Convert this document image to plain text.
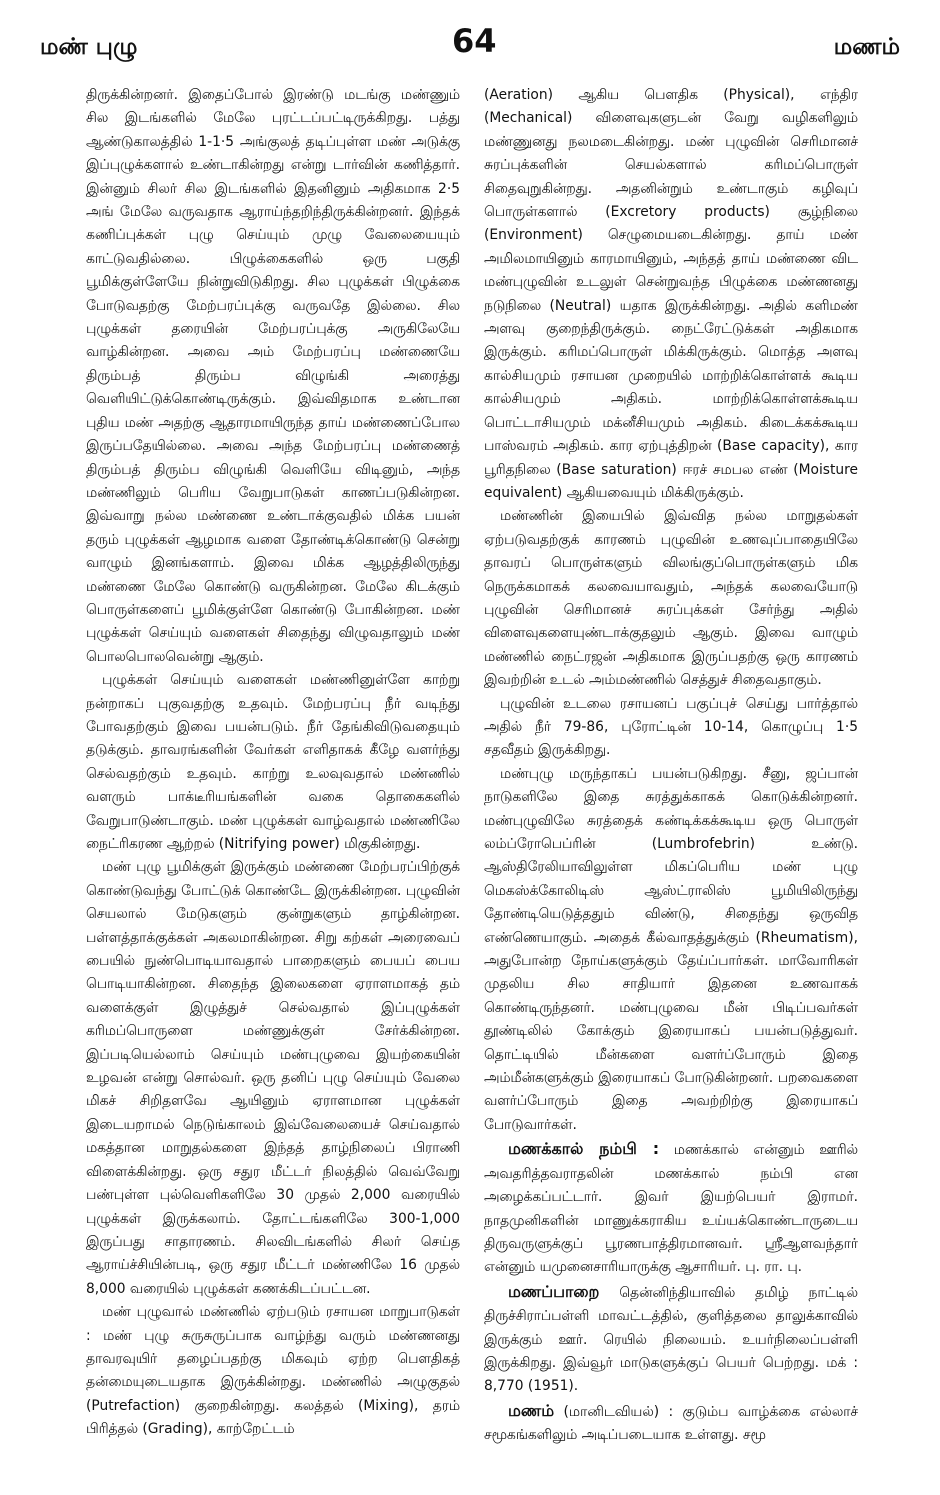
மண் புழு	64	மணம்

திருக்கின்றனர். இதைப்போல் இரண்டு மடங்கு மண்ணும் சில இடங்களில் மேலே புரட்டப்பட்டிருக்கிறது. பத்து ஆண்டுகாலத்தில் 1-1·5 அங்குலத் தடிப்புள்ள மண் அடுக்கு இப்புழுக்களால் உண்டாகின்றது என்று டார்வின் கணித்தார். இன்னும் சிலர் சில இடங்களில் இதனினும் அதிகமாக 2·5 அங் மேலே வருவதாக ஆராய்ந்தறிந்திருக்கின்றனர். இந்தக் கணிப்புக்கள் புழு செய்யும் முழு வேலையையும் காட்டுவதில்லை. பிழுக்கைகளில் ஒரு பகுதி பூமிக்குள்ளேயே நின்றுவிடுகிறது. சில புழுக்கள் பிழுக்கை போடுவதற்கு மேற்பரப்புக்கு வருவதே இல்லை. சில புழுக்கள் தரையின் மேற்பரப்புக்கு அருகிலேயே வாழ்கின்றன. அவை அம் மேற்பரப்பு மண்ணையே திரும்பத் திரும்ப விழுங்கி அரைத்து வெளியிட்டுக்கொண்டிருக்கும். இவ்விதமாக உண்டான புதிய மண் அதற்கு ஆதாரமாயிருந்த தாய் மண்ணைப்போல இருப்பதேயில்லை. அவை அந்த மேற்பரப்பு மண்ணைத் திரும்பத் திரும்ப விழுங்கி வெளியே விடினும், அந்த மண்ணிலும் பெரிய வேறுபாடுகள் காணப்படுகின்றன. இவ்வாறு நல்ல மண்ணை உண்டாக்குவதில் மிக்க பயன் தரும் புழுக்கள் ஆழமாக வளை தோண்டிக்கொண்டு சென்று வாழும் இனங்களாம். இவை மிக்க ஆழத்திலிருந்து மண்ணை மேலே கொண்டு வருகின்றன. மேலே கிடக்கும் பொருள்களைப் பூமிக்குள்ளே கொண்டு போகின்றன. மண் புழுக்கள் செய்யும் வளைகள் சிதைந்து விழுவதாலும் மண் பொலபொலவென்று ஆகும்.

புழுக்கள் செய்யும் வளைகள் மண்ணினுள்ளே காற்று நன்றாகப் புகுவதற்கு உதவும். மேற்பரப்பு நீர் வடிந்து போவதற்கும் இவை பயன்படும். நீர் தேங்கிவிடுவதையும் தடுக்கும். தாவரங்களின் வேர்கள் எளிதாகக் கீழே வளர்ந்து செல்வதற்கும் உதவும். காற்று உலவுவதால் மண்ணில் வளரும் பாக்டீரியங்களின் வகை தொகைகளில் வேறுபாடுண்டாகும். மண் புழுக்கள் வாழ்வதால் மண்ணிலே நைட்ரிகரண ஆற்றல் (Nitrifying power) மிகுகின்றது.

மண் புழு பூமிக்குள் இருக்கும் மண்ணை மேற்பரப்பிற்குக் கொண்டுவந்து போட்டுக் கொண்டே இருக்கின்றன. புழுவின் செயலால் மேடுகளும் குன்றுகளும் தாழ்கின்றன. பள்ளத்தாக்குக்கள் அகலமாகின்றன. சிறு கற்கள் அரைவைப் பையில் நுண்பொடியாவதால் பாறைகளும் பையப் பைய பொடியாகின்றன. சிதைந்த இலைகளை ஏராளமாகத் தம் வளைக்குள் இழுத்துச் செல்வதால் இப்புழுக்கள் கரிமப்பொருளை மண்ணுக்குள் சேர்க்கின்றன. இப்படியெல்லாம் செய்யும் மண்புழுவை இயற்கையின் உழவன் என்று சொல்வர். ஒரு தனிப் புழு செய்யும் வேலை மிகச் சிறிதளவே ஆயினும் ஏராளமான புழுக்கள் இடையறாமல் நெடுங்காலம் இவ்வேலையைச் செய்வதால் மகத்தான மாறுதல்களை இந்தத் தாழ்நிலைப் பிராணி விளைக்கின்றது. ஒரு சதுர மீட்டர் நிலத்தில் வெவ்வேறு பண்புள்ள புல்வெளிகளிலே 30 முதல் 2,000 வரையில் புழுக்கள் இருக்கலாம். தோட்டங்களிலே 300-1,000 இருப்பது சாதாரணம். சிலவிடங்களில் சிலர் செய்த ஆராய்ச்சியின்படி, ஒரு சதுர மீட்டர் மண்ணிலே 16 முதல் 8,000 வரையில் புழுக்கள் கணக்கிடப்பட்டன.

மண் புழுவால் மண்ணில் ஏற்படும் ரசாயன மாறுபாடுகள் : மண் புழு சுருசுருப்பாக வாழ்ந்து வரும் மண்ணனது தாவரவுயிர் தழைப்பதற்கு மிகவும் ஏற்ற பௌதிகத் தன்மையுடையதாக இருக்கின்றது. மண்ணில் அழுகுதல் (Putrefaction) குறைகின்றது. கலத்தல் (Mixing), தரம் பிரித்தல் (Grading), காற்றேட்டம்

(Aeration) ஆகிய பௌதிக (Physical), எந்திர (Mechanical) விளைவுகளுடன் வேறு வழிகளிலும் மண்ணுனது நலமடைகின்றது. மண் புழுவின் செரிமானச் சுரப்புக்களின் செயல்களால் கரிமப்பொருள் சிதைவுறுகின்றது. அதனின்றும் உண்டாகும் கழிவுப் பொருள்களால் (Excretory products) சூழ்நிலை (Environment) செழுமையடைகின்றது. தாய் மண் அமிலமாயினும் காரமாயினும், அந்தத் தாய் மண்ணை விட மண்புழுவின் உடலுள் சென்றுவந்த பிழுக்கை மண்ணனது நடுநிலை (Neutral) யதாக இருக்கின்றது. அதில் களிமண் அளவு குறைந்திருக்கும். நைட்ரேட்டுக்கள் அதிகமாக இருக்கும். கரிமப்பொருள் மிக்கிருக்கும். மொத்த அளவு கால்சியமும் ரசாயன முறையில் மாற்றிக்கொள்ளக் கூடிய கால்சியமும் அதிகம். மாற்றிக்கொள்ளக்கூடிய பொட்டாசியமும் மக்னீசியமும் அதிகம். கிடைக்கக்கூடிய பாஸ்வரம் அதிகம். கார ஏற்புத்திறன் (Base capacity), கார பூரிதநிலை (Base saturation) ஈரச் சமபல எண் (Moisture equivalent) ஆகியவையும் மிக்கிருக்கும்.

மண்ணின் இயைபில் இவ்வித நல்ல மாறுதல்கள் ஏற்படுவதற்குக் காரணம் புழுவின் உணவுப்பாதையிலே தாவரப் பொருள்களும் விலங்குப்பொருள்களும் மிக நெருக்கமாகக் கலவையாவதும், அந்தக் கலவையோடு புழுவின் செரிமானச் சுரப்புக்கள் சேர்ந்து அதில் விளைவுகளையுண்டாக்குதலும் ஆகும். இவை வாழும் மண்ணில் நைட்ரஜன் அதிகமாக இருப்பதற்கு ஒரு காரணம் இவற்றின் உடல் அம்மண்ணில் செத்துச் சிதைவதாகும்.

புழுவின் உடலை ரசாயனப் பகுப்புச் செய்து பார்த்தால் அதில் நீர் 79-86, புரோட்டின் 10-14, கொழுப்பு 1·5 சதவீதம் இருக்கிறது.

மண்புழு மருந்தாகப் பயன்படுகிறது. சீனு, ஜப்பான் நாடுகளிலே இதை சுரத்துக்காகக் கொடுக்கின்றனர். மண்புழுவிலே சுரத்தைக் கண்டிக்கக்கூடிய ஒரு பொருள் லம்ப்ரோபெப்ரின் (Lumbrofebrin) உண்டு. ஆஸ்திரேலியாவிலுள்ள மிகப்பெரிய மண் புழு மெகஸ்க்கோலிடிஸ் ஆஸ்ட்ராலிஸ் பூமியிலிருந்து தோண்டியெடுத்ததும் விண்டு, சிதைந்து ஒருவித எண்ணெயாகும். அதைக் கீல்வாதத்துக்கும் (Rheumatism), அதுபோன்ற நோய்களுக்கும் தேய்ப்பார்கள். மாவோரிகள் முதலிய சில சாதியார் இதனை உணவாகக் கொண்டிருந்தனர். மண்புழுவை மீன் பிடிப்பவர்கள் தூண்டிலில் கோக்கும் இரையாகப் பயன்படுத்துவர். தொட்டியில் மீன்களை வளர்ப்போரும் இதை அம்மீன்களுக்கும் இரையாகப் போடுகின்றனர். பறவைகளை வளர்ப்போரும் இதை அவற்றிற்கு இரையாகப் போடுவார்கள்.

மணக்கால் நம்பி : மணக்கால் என்னும் ஊரில் அவதரித்தவராதலின் மணக்கால் நம்பி என அழைக்கப்பட்டார். இவர் இயற்பெயர் இராமர். நாதமுனிகளின் மாணுக்கராகிய உய்யக்கொண்டாருடைய திருவருளுக்குப் பூரணபாத்திரமானவர். ஸ்ரீஆளவந்தார் என்னும் யமுனைசாரியாருக்கு ஆசாரியர். பு. ரா. பு.

மணப்பாறை தென்னிந்தியாவில் தமிழ் நாட்டில் திருச்சிராப்பள்ளி மாவட்டத்தில், குளித்தலை தாலுக்காவில் இருக்கும் ஊர். ரெயில் நிலையம். உயர்நிலைப்பள்ளி இருக்கிறது. இவ்வூர் மாடுகளுக்குப் பெயர் பெற்றது. மக் : 8,770 (1951).

மணம் (மானிடவியல்) : குடும்ப வாழ்க்கை எல்லாச் சமூகங்களிலும் அடிப்படையாக உள்ளது. சமூ
